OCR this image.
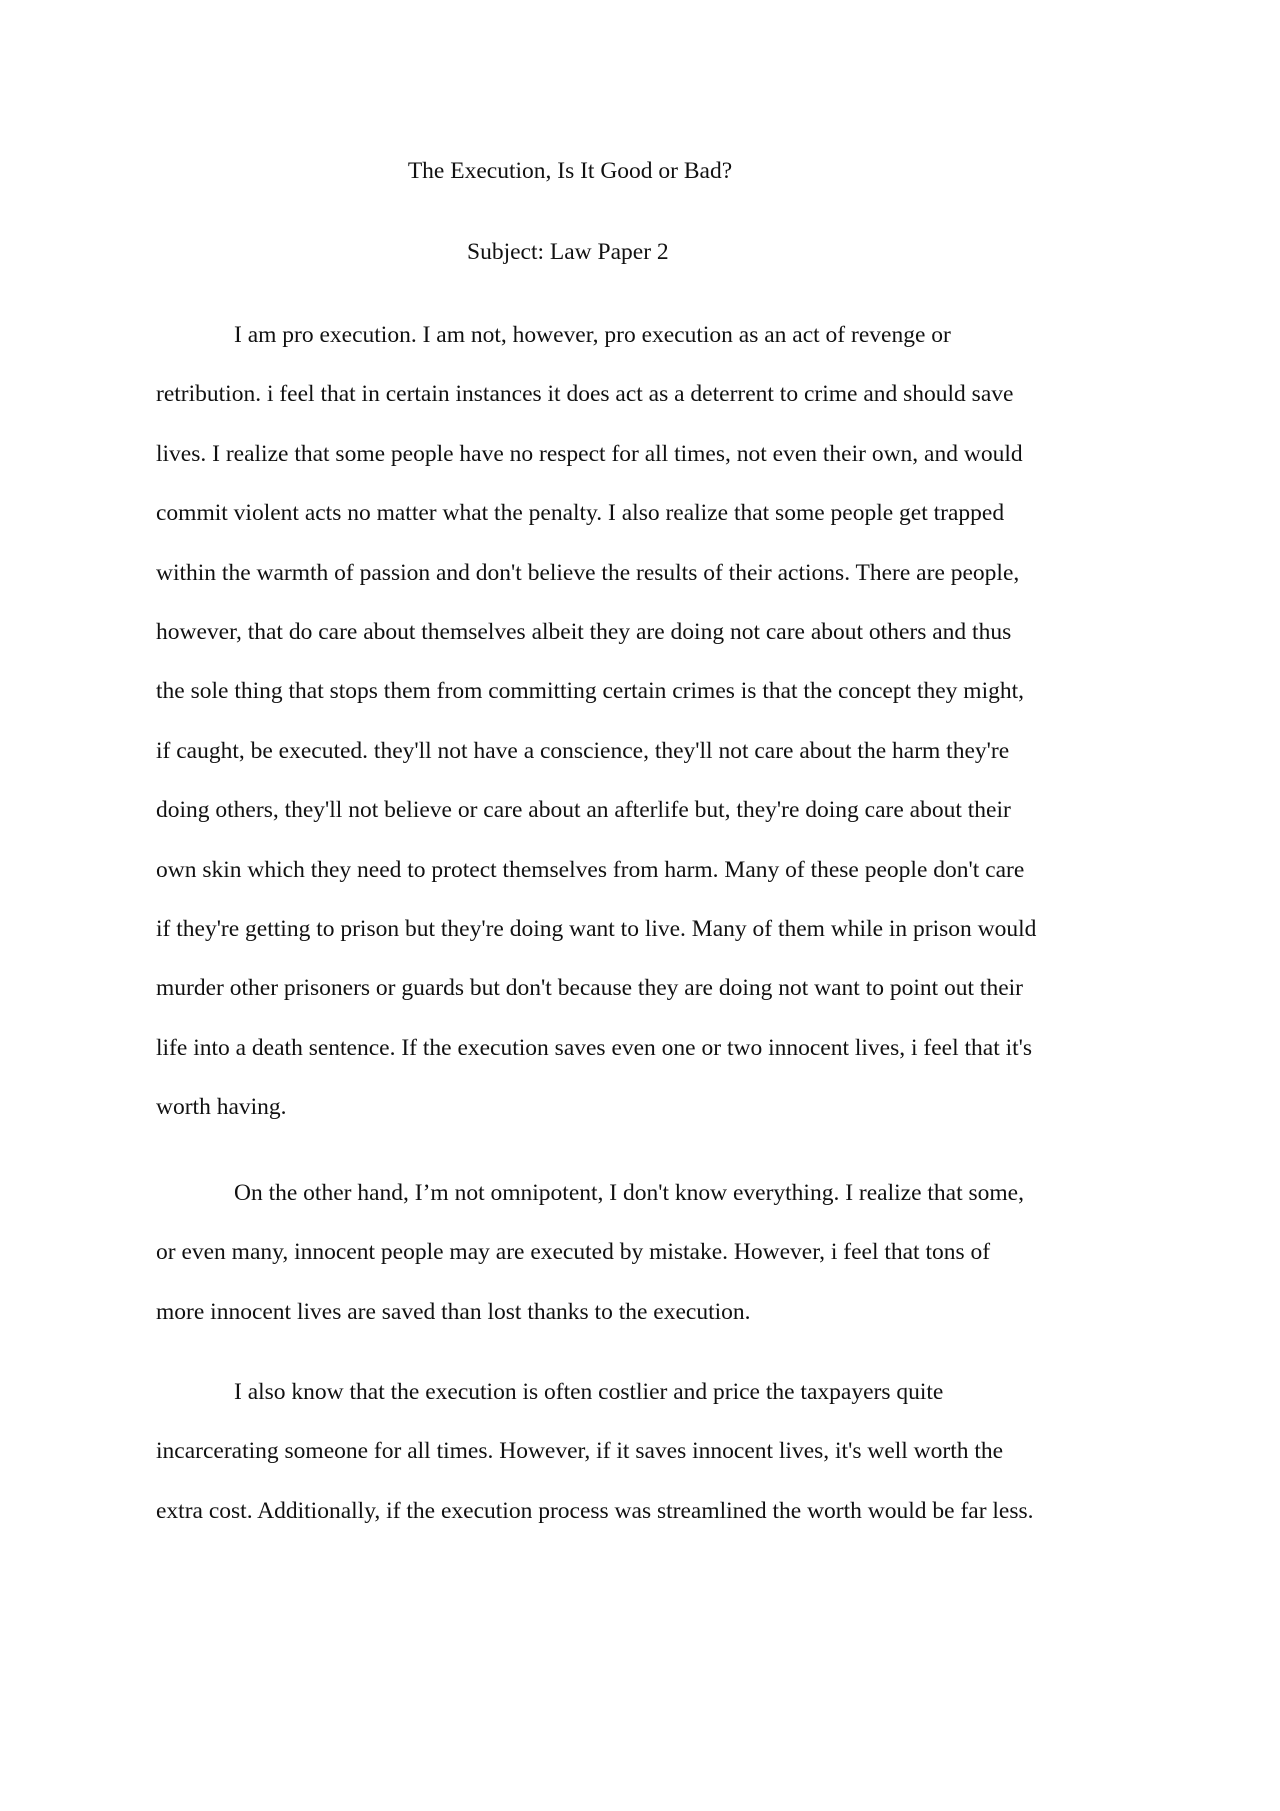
The Execution, Is It Good or Bad?
Subject: Law Paper 2
I am pro execution. I am not, however, pro execution as an act of revenge or
retribution. i feel that in certain instances it does act as a deterrent to crime and should save
lives. I realize that some people have no respect for all times, not even their own, and would
commit violent acts no matter what the penalty. I also realize that some people get trapped
within the warmth of passion and don't believe the results of their actions. There are people,
however, that do care about themselves albeit they are doing not care about others and thus
the sole thing that stops them from committing certain crimes is that the concept they might,
if caught, be executed. they'll not have a conscience, they'll not care about the harm they're
doing others, they'll not believe or care about an afterlife but, they're doing care about their
own skin which they need to protect themselves from harm. Many of these people don't care
if they're getting to prison but they're doing want to live. Many of them while in prison would
murder other prisoners or guards but don't because they are doing not want to point out their
life into a death sentence. If the execution saves even one or two innocent lives, i feel that it's
worth having.
On the other hand, I’m not omnipotent, I don't know everything. I realize that some,
or even many, innocent people may are executed by mistake. However, i feel that tons of
more innocent lives are saved than lost thanks to the execution.
I also know that the execution is often costlier and price the taxpayers quite
incarcerating someone for all times. However, if it saves innocent lives, it's well worth the
extra cost. Additionally, if the execution process was streamlined the worth would be far less.
